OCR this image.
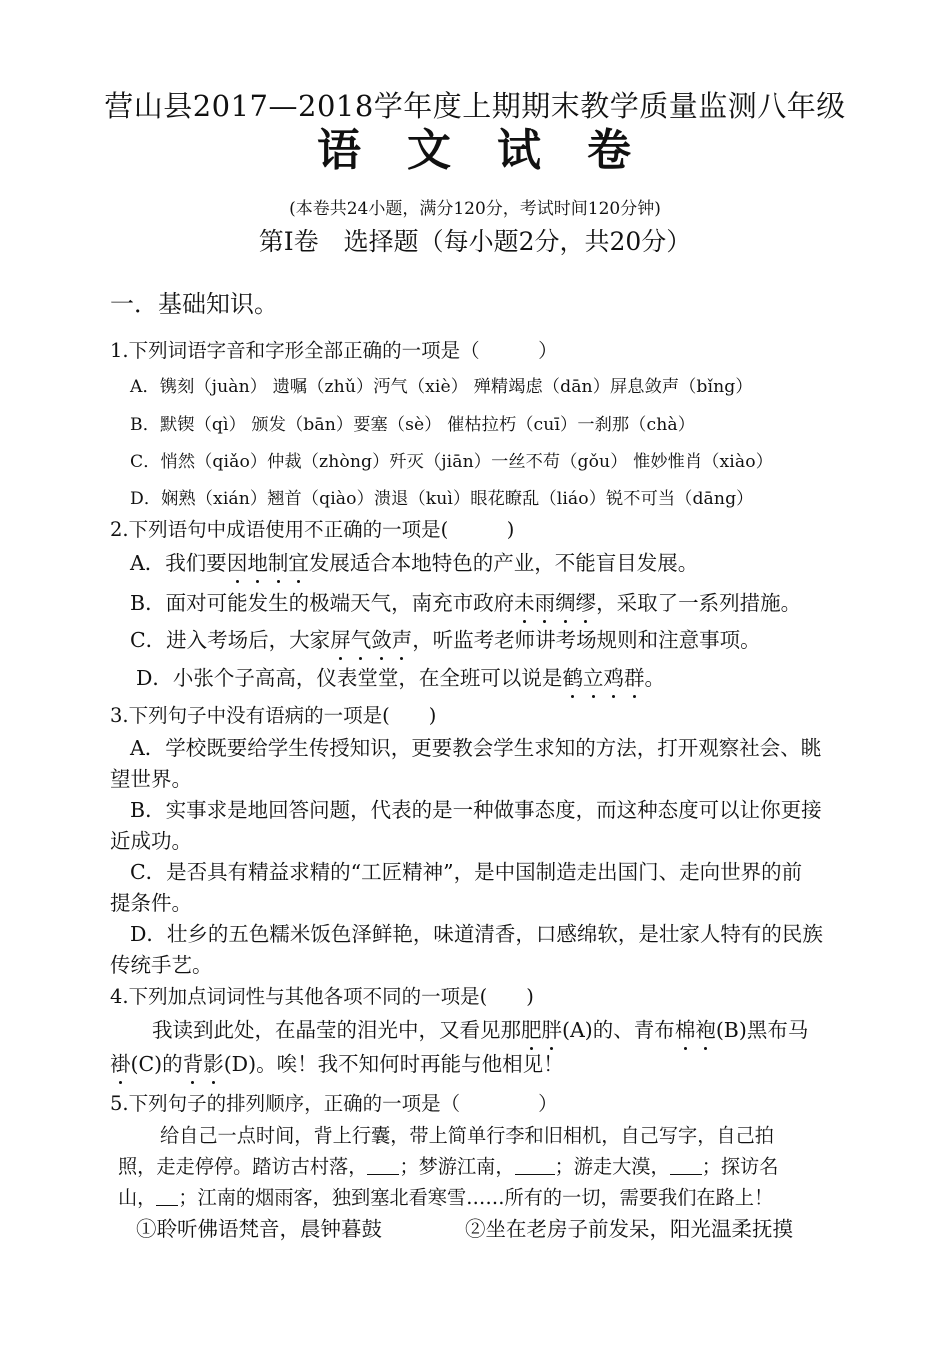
营山县2017—2018学年度上期期末教学质量监测八年级
语 文 试 卷
(本卷共24小题，满分120分，考试时间120分钟)
第Ⅰ卷　选择题（每小题2分，共20分）
一．基础知识。
1.下列词语字音和字形全部正确的一项是（　　　）
A．镌刻（juàn） 遗嘱（zhǔ）沔气（xiè） 殚精竭虑（dān）屏息敛声（bǐng）
B．默锲（qì） 颁发（bān）要塞（sè） 催枯拉朽（cuī）一刹那（chà）
C．悄然（qiǎo）仲裁（zhòng）歼灭（jiān）一丝不苟（gǒu） 惟妙惟肖（xiào）
D．娴熟（xián）翘首（qiào）溃退（kuì）眼花瞭乱（liáo）锐不可当（dāng）
2.下列语句中成语使用不正确的一项是(　　　)
A．我们要因地制宜发展适合本地特色的产业，不能盲目发展。
B．面对可能发生的极端天气，南充市政府未雨绸缪，采取了一系列措施。
C．进入考场后，大家屏气敛声，听监考老师讲考场规则和注意事项。
D．小张个子高高，仪表堂堂，在全班可以说是鹤立鸡群。
3.下列句子中没有语病的一项是(　　)
A．学校既要给学生传授知识，更要教会学生求知的方法，打开观察社会、眺
望世界。
B．实事求是地回答问题，代表的是一种做事态度，而这种态度可以让你更接
近成功。
C．是否具有精益求精的“工匠精神”，是中国制造走出国门、走向世界的前
提条件。
D．壮乡的五色糯米饭色泽鲜艳，味道清香，口感绵软，是壮家人特有的民族
传统手艺。
4.下列加点词词性与其他各项不同的一项是(　　)
我读到此处，在晶莹的泪光中，又看见那肥胖(A)的、青布棉袍(B)黑布马
褂(C)的背影(D)。唉！我不知何时再能与他相见！
5.下列句子的排列顺序，正确的一项是（　　　　）
给自己一点时间，背上行囊，带上简单行李和旧相机，自己写字，自己拍
照，走走停停。踏访古村落， ；梦游江南， ；游走大漠， ；探访名
山， ；江南的烟雨客，独到塞北看寒雪……所有的一切，需要我们在路上！
①聆听佛语梵音，晨钟暮鼓	②坐在老房子前发呆，阳光温柔抚摸
